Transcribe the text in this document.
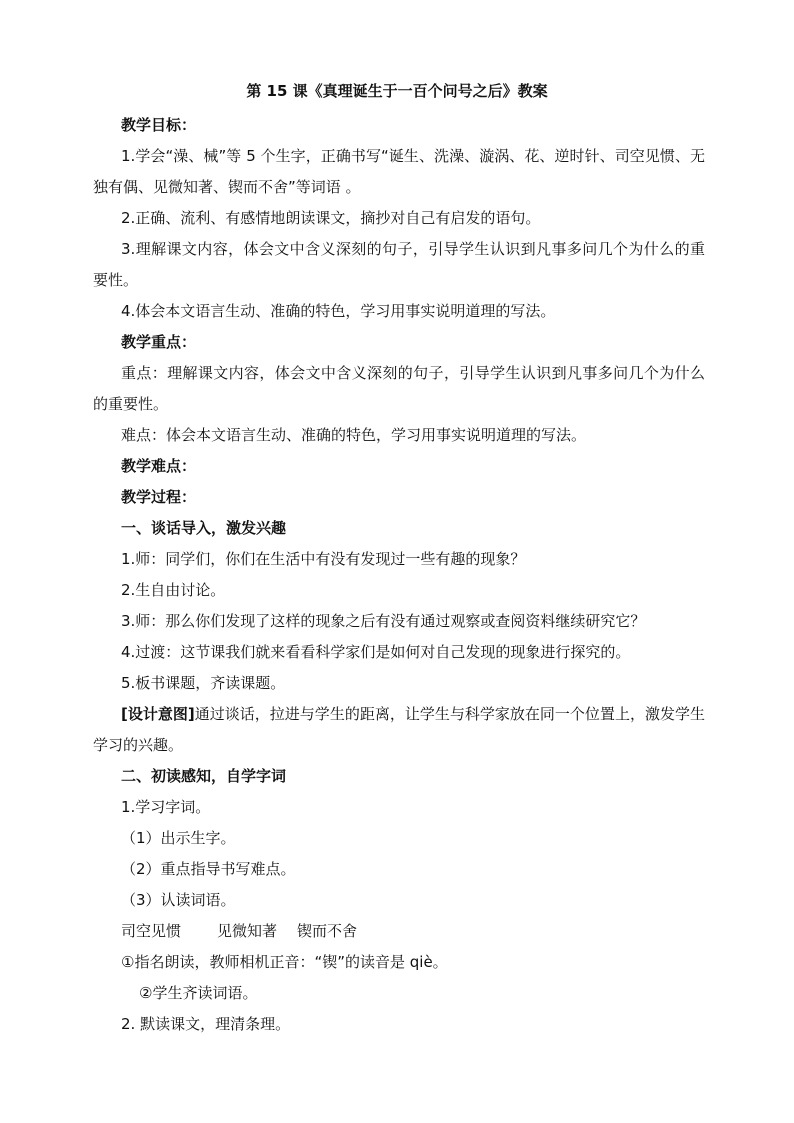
第 15 课《真理诞生于一百个问号之后》教案

教学目标：

1.学会“澡、械”等 5 个生字，正确书写“诞生、洗澡、漩涡、花、逆时针、司空见惯、无独有偶、见微知著、锲而不舍”等词语 。

2.正确、流利、有感情地朗读课文，摘抄对自己有启发的语句。

3.理解课文内容，体会文中含义深刻的句子，引导学生认识到凡事多问几个为什么的重要性。

4.体会本文语言生动、准确的特色，学习用事实说明道理的写法。

教学重点：

重点：理解课文内容，体会文中含义深刻的句子，引导学生认识到凡事多问几个为什么的重要性。

难点：体会本文语言生动、准确的特色，学习用事实说明道理的写法。

教学难点：

教学过程：

一、谈话导入，激发兴趣

1.师：同学们，你们在生活中有没有发现过一些有趣的现象？

2.生自由讨论。

3.师：那么你们发现了这样的现象之后有没有通过观察或查阅资料继续研究它？

4.过渡：这节课我们就来看看科学家们是如何对自己发现的现象进行探究的。

5.板书课题，齐读课题。

[设计意图]通过谈话，拉进与学生的距离，让学生与科学家放在同一个位置上，激发学生学习的兴趣。

二、初读感知，自学字词

1.学习字词。

（1）出示生字。

（2）重点指导书写难点。

（3）认读词语。

司空见惯 见微知著 锲而不舍

①指名朗读，教师相机正音：“锲”的读音是 qiè。

②学生齐读词语。

2. 默读课文，理清条理。
